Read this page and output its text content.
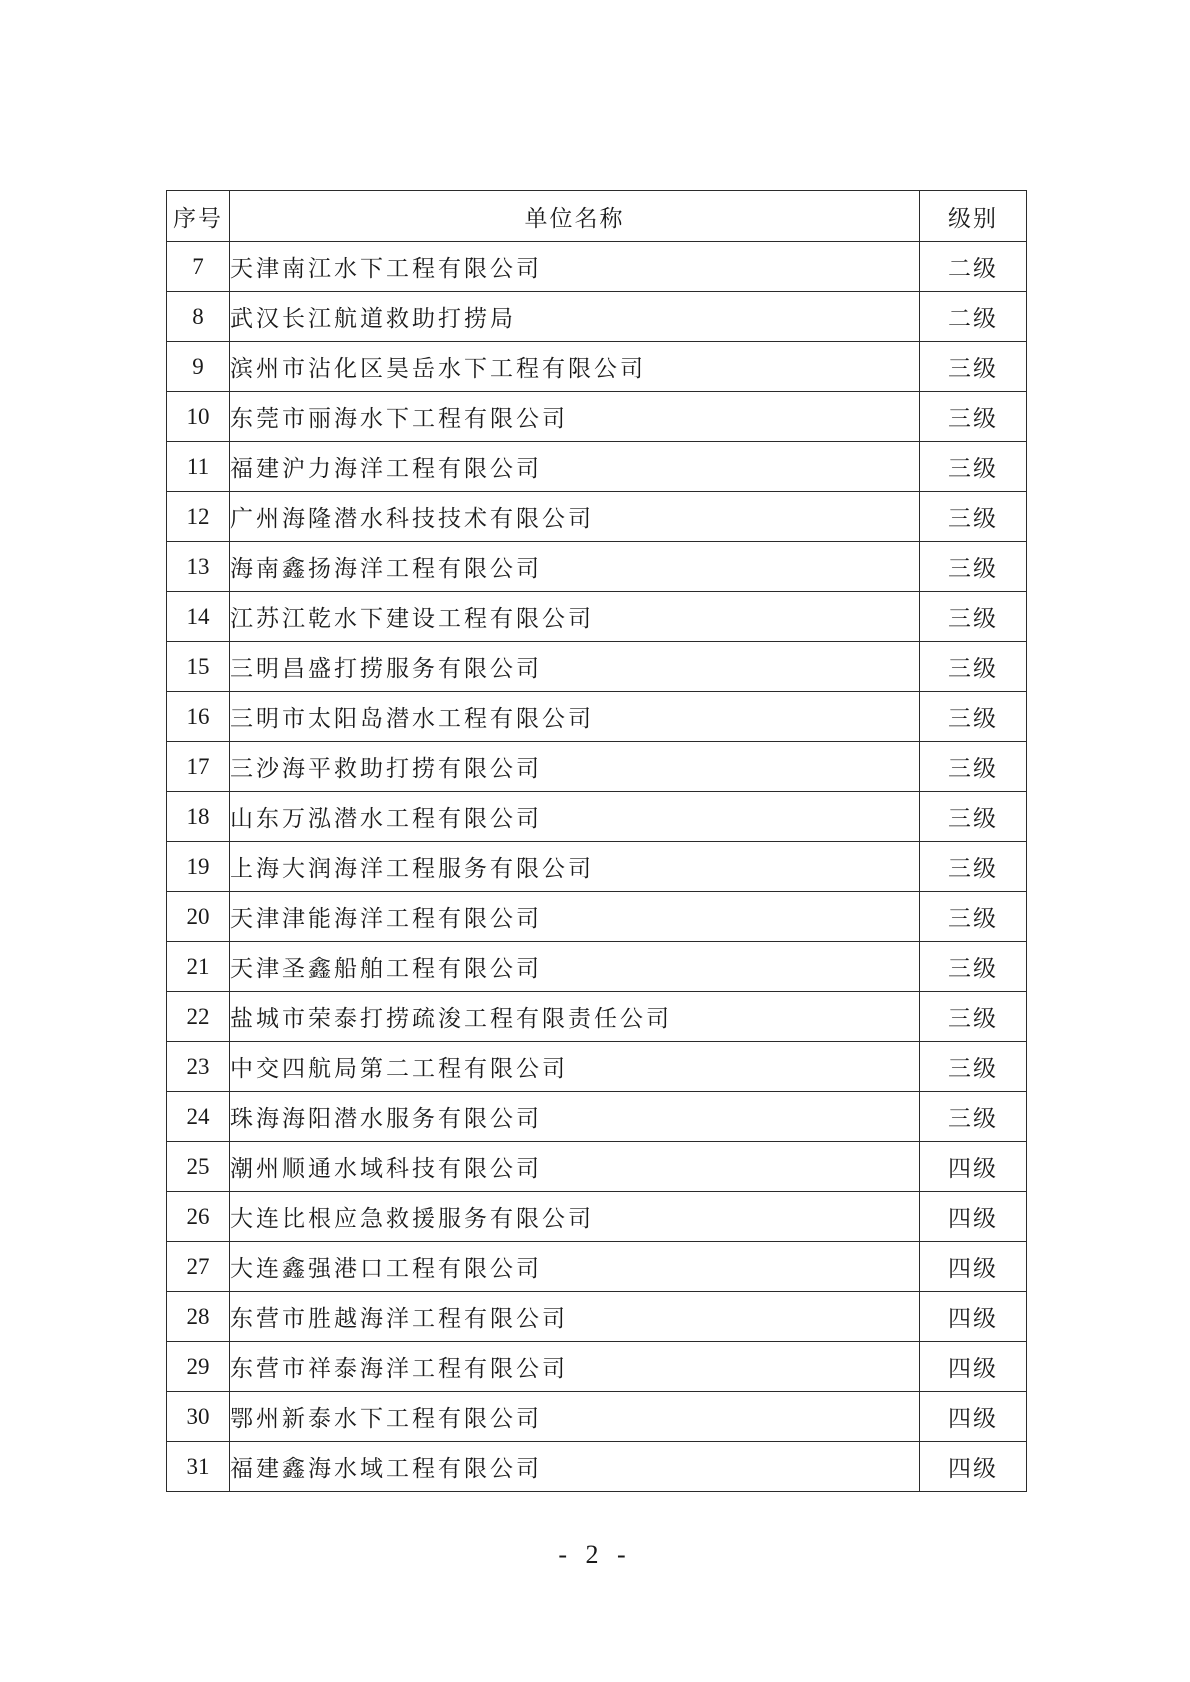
序号	单位名称	级别
7	天津南江水下工程有限公司	二级
8	武汉长江航道救助打捞局	二级
9	滨州市沾化区昊岳水下工程有限公司	三级
10	东莞市丽海水下工程有限公司	三级
11	福建沪力海洋工程有限公司	三级
12	广州海隆潜水科技技术有限公司	三级
13	海南鑫扬海洋工程有限公司	三级
14	江苏江乾水下建设工程有限公司	三级
15	三明昌盛打捞服务有限公司	三级
16	三明市太阳岛潜水工程有限公司	三级
17	三沙海平救助打捞有限公司	三级
18	山东万泓潜水工程有限公司	三级
19	上海大润海洋工程服务有限公司	三级
20	天津津能海洋工程有限公司	三级
21	天津圣鑫船舶工程有限公司	三级
22	盐城市荣泰打捞疏浚工程有限责任公司	三级
23	中交四航局第二工程有限公司	三级
24	珠海海阳潜水服务有限公司	三级
25	潮州顺通水域科技有限公司	四级
26	大连比根应急救援服务有限公司	四级
27	大连鑫强港口工程有限公司	四级
28	东营市胜越海洋工程有限公司	四级
29	东营市祥泰海洋工程有限公司	四级
30	鄂州新泰水下工程有限公司	四级
31	福建鑫海水域工程有限公司	四级
- 2 -
